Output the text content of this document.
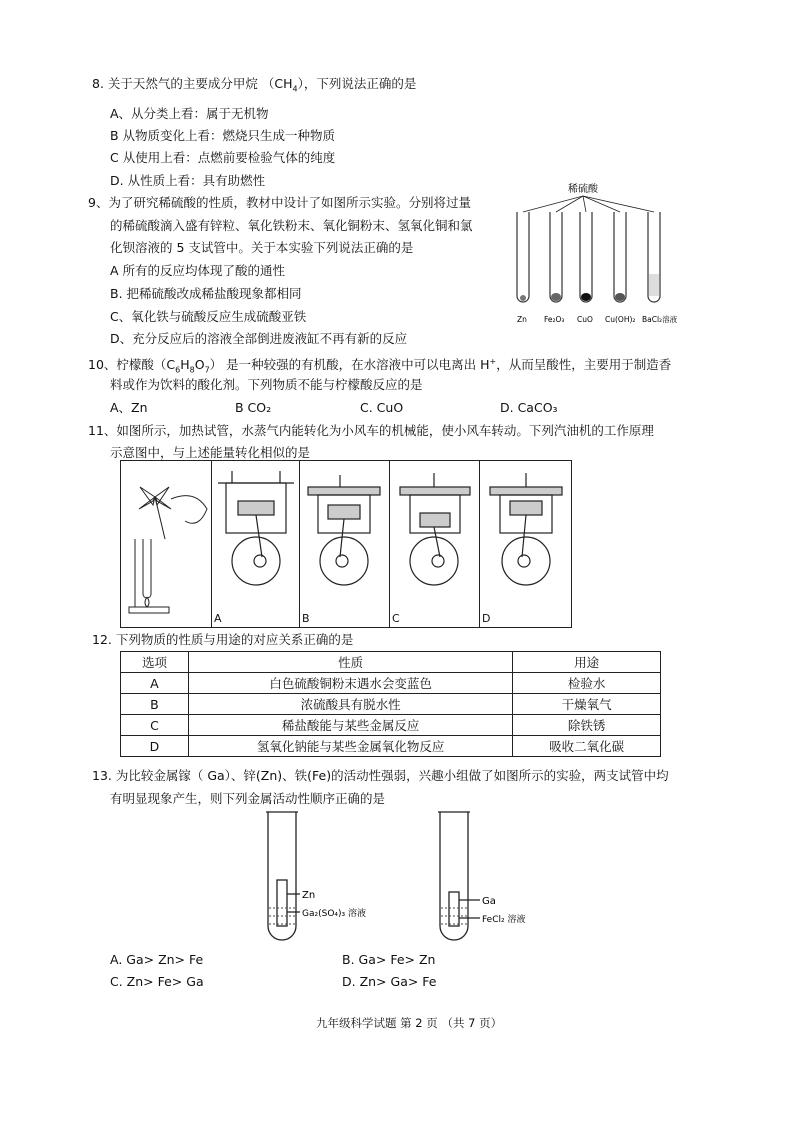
8. 关于天然气的主要成分甲烷 $(CH_4)$，下列说法正确的是
A、从分类上看：属于无机物
B 从物质变化上看：燃烧只生成一种物质
C 从使用上看：点燃前要检验气体的纯度
D. 从性质上看：具有助燃性
9、为了研究稀硫酸的性质，教材中设计了如图所示实验。分别将过量
的稀硫酸滴入盛有锌粒、氧化铁粉末、氧化铜粉末、氢氧化铜和氯
化钡溶液的 5 支试管中。关于本实验下列说法正确的是
A 所有的反应均体现了酸的通性
B. 把稀硫酸改成稀盐酸现象都相同
C、氧化铁与硫酸反应生成硫酸亚铁
D、充分反应后的溶液全部倒进废液缸不再有新的反应
稀硫酸
Zn Fe₂O₃ CuO Cu(OH)₂ BaCl₂溶液
10、柠檬酸$(C_6H_8O_7)$ 是一种较强的有机酸，在水溶液中可以电离出 H+，从而呈酸性，主要用于制造香
料或作为饮料的酸化剂。下列物质不能与柠檬酸反应的是
A、Zn	B CO₂	C. CuO	D. CaCO₃
11、如图所示，加热试管，水蒸气内能转化为小风车的机械能，使小风车转动。下列汽油机的工作原理
示意图中，与上述能量转化相似的是
A	B	C	D
12. 下列物质的性质与用途的对应关系正确的是
选项	性质	用途
A	白色硫酸铜粉末遇水会变蓝色	检验水
B	浓硫酸具有脱水性	干燥氧气
C	稀盐酸能与某些金属反应	除铁锈
D	氢氧化钠能与某些金属氧化物反应	吸收二氧化碳
13. 为比较金属镓（ Ga）、锌(Zn)、铁(Fe)的活动性强弱，兴趣小组做了如图所示的实验，两支试管中均
有明显现象产生，则下列金属活动性顺序正确的是
Zn
Ga₂(SO₄)₃ 溶液
Ga
FeCl₂ 溶液
A. Ga> Zn> Fe	B. Ga> Fe> Zn
C. Zn> Fe> Ga	D. Zn> Ga> Fe
九年级科学试题 第 2 页 （共 7 页）
